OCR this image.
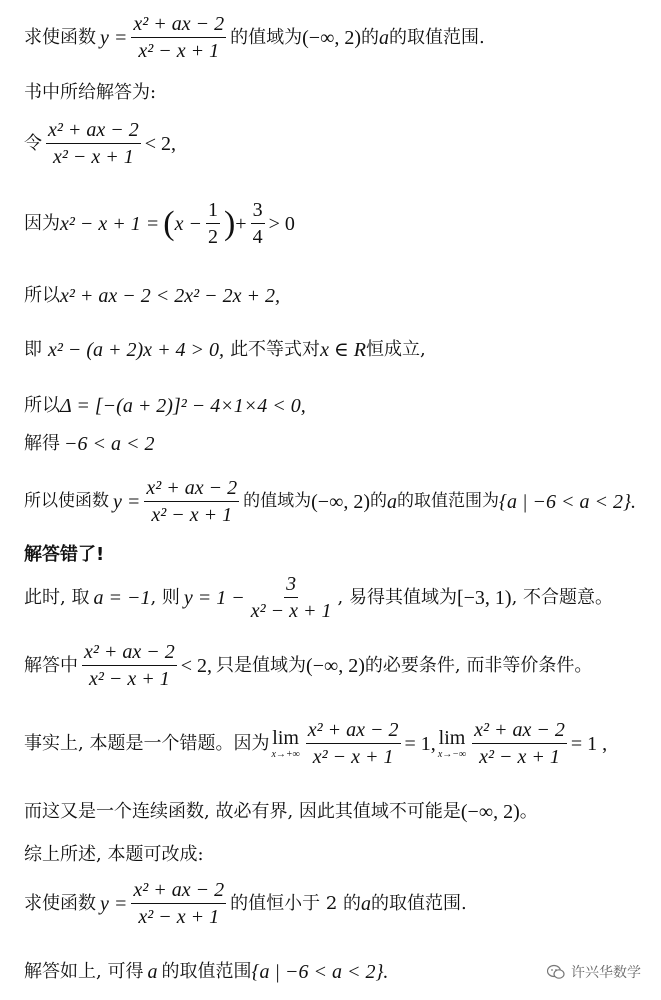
求使函数 $y = \frac{\text{x² + ax − 2}}{\text{x² − x + 1}}$ 的值域为 (−∞, 2) 的 a 的取值范围.
书中所给解答为:
令 $\frac{\text{x² + ax − 2}}{\text{x² − x + 1}} < 2$,
因为 x² − x + 1 = ( $x - \frac{1}{2}$ ) + $\frac{3}{4} > 0$
所以 x² + ax − 2 < 2x² − 2x + 2,
即 x² − (a + 2)x + 4 > 0, 此不等式对 x ∈ R 恒成立,
所以 Δ = [−(a + 2)]² − 4×1×4 < 0,
解得 −6 < a < 2
所以使函数 $y = \frac{\text{x² + ax − 2}}{\text{x² − x + 1}}$ 的值域为 (−∞, 2) 的 a 的取值范围为 {a | −6 < a < 2}.
解答错了!
此时, 取 a = −1 , 则 $y = 1 - \frac{3}{\text{x² − x + 1}}$ , 易得其值域为 [−3, 1) , 不合题意。
解答中 $\frac{\text{x² + ax − 2}}{\text{x² − x + 1}} < 2$, 只是值域为 (−∞, 2) 的必要条件, 而非等价条件。
事实上, 本题是一个错题。因为 lim
$x\to+\infty \frac{\text{x² + ax − 2}}{\text{x² − x + 1}} = 1$, lim
$x\to-\infty \frac{\text{x² + ax − 2}}{\text{x² − x + 1}} = 1$ ,
而这又是一个连续函数, 故必有界, 因此其值域不可能是 (−∞, 2) 。
综上所述, 本题可改成:
求使函数 $y = \frac{\text{x² + ax − 2}}{\text{x² − x + 1}}$ 的值恒小于 2 的 a 的取值范围.
解答如上, 可得 a 的取值范围 {a | −6 < a < 2}.	许兴华数学
